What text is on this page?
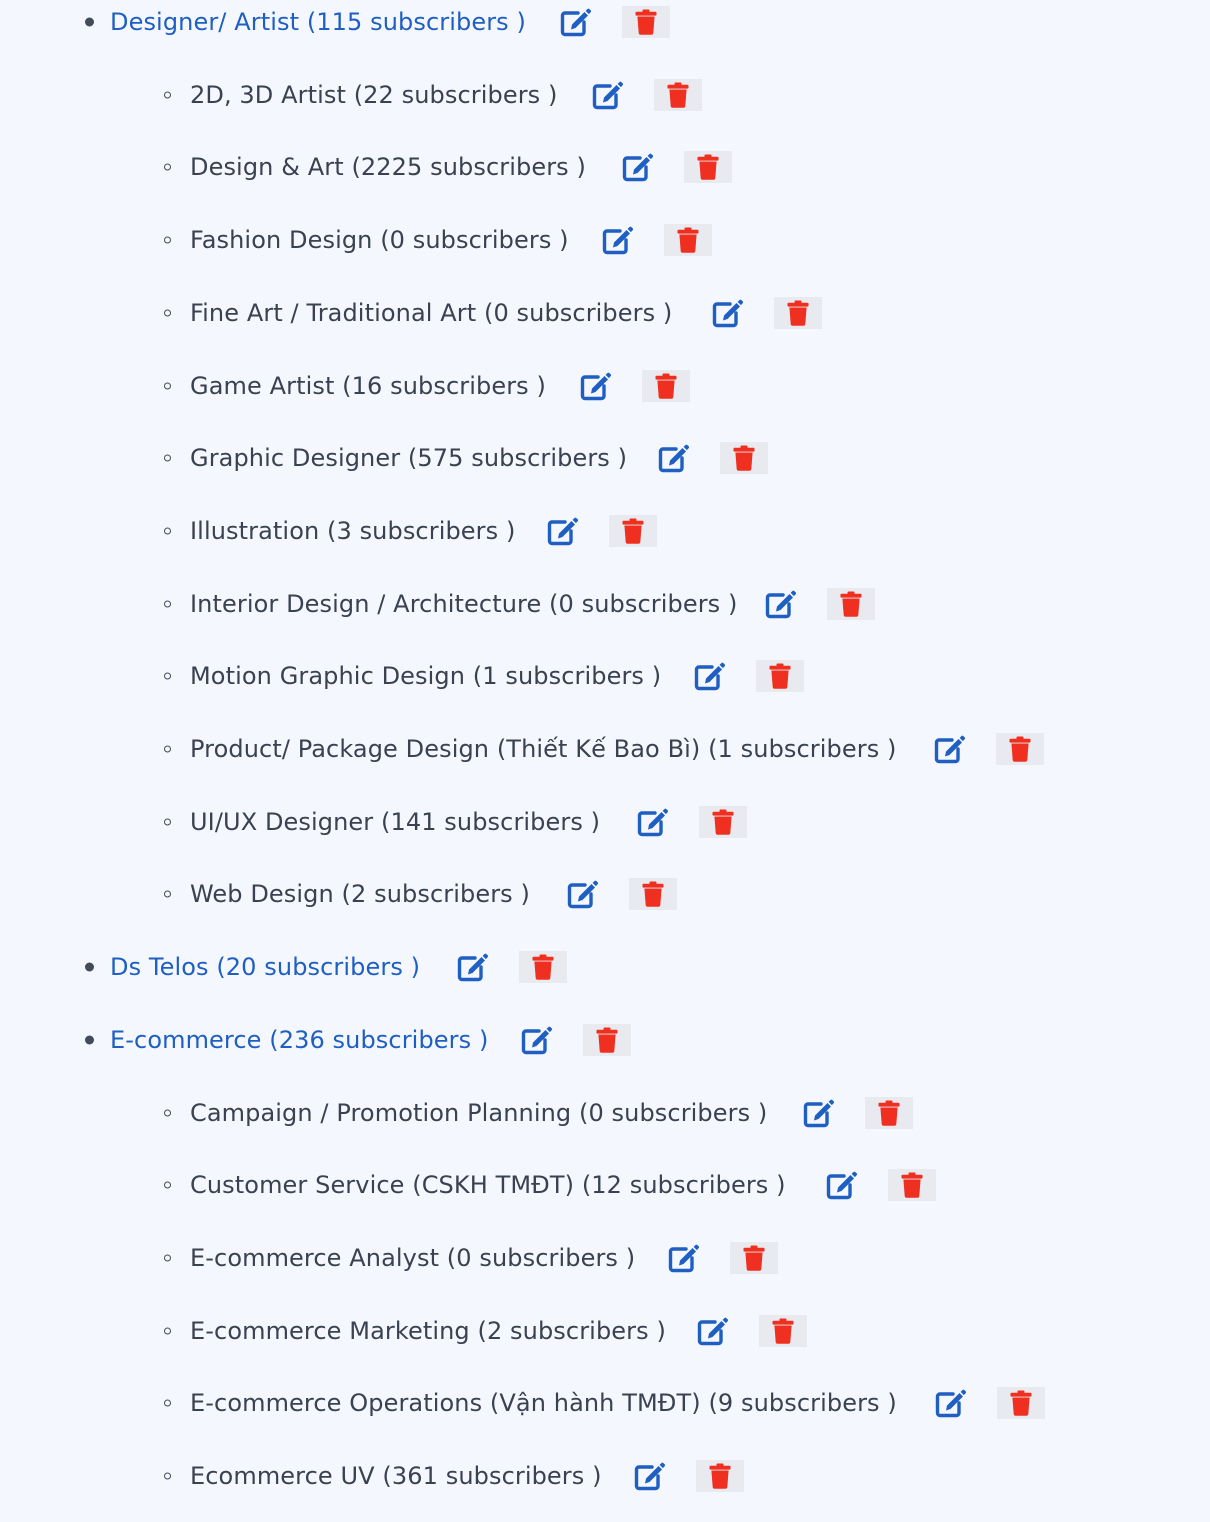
Designer/ Artist (115 subscribers )
2D, 3D Artist (22 subscribers )
Design & Art (2225 subscribers )
Fashion Design (0 subscribers )
Fine Art / Traditional Art (0 subscribers )
Game Artist (16 subscribers )
Graphic Designer (575 subscribers )
Illustration (3 subscribers )
Interior Design / Architecture (0 subscribers )
Motion Graphic Design (1 subscribers )
Product/ Package Design (Thiết Kế Bao Bì) (1 subscribers )
UI/UX Designer (141 subscribers )
Web Design (2 subscribers )
Ds Telos (20 subscribers )
E-commerce (236 subscribers )
Campaign / Promotion Planning (0 subscribers )
Customer Service (CSKH TMĐT) (12 subscribers )
E-commerce Analyst (0 subscribers )
E-commerce Marketing (2 subscribers )
E-commerce Operations (Vận hành TMĐT) (9 subscribers )
Ecommerce UV (361 subscribers )
